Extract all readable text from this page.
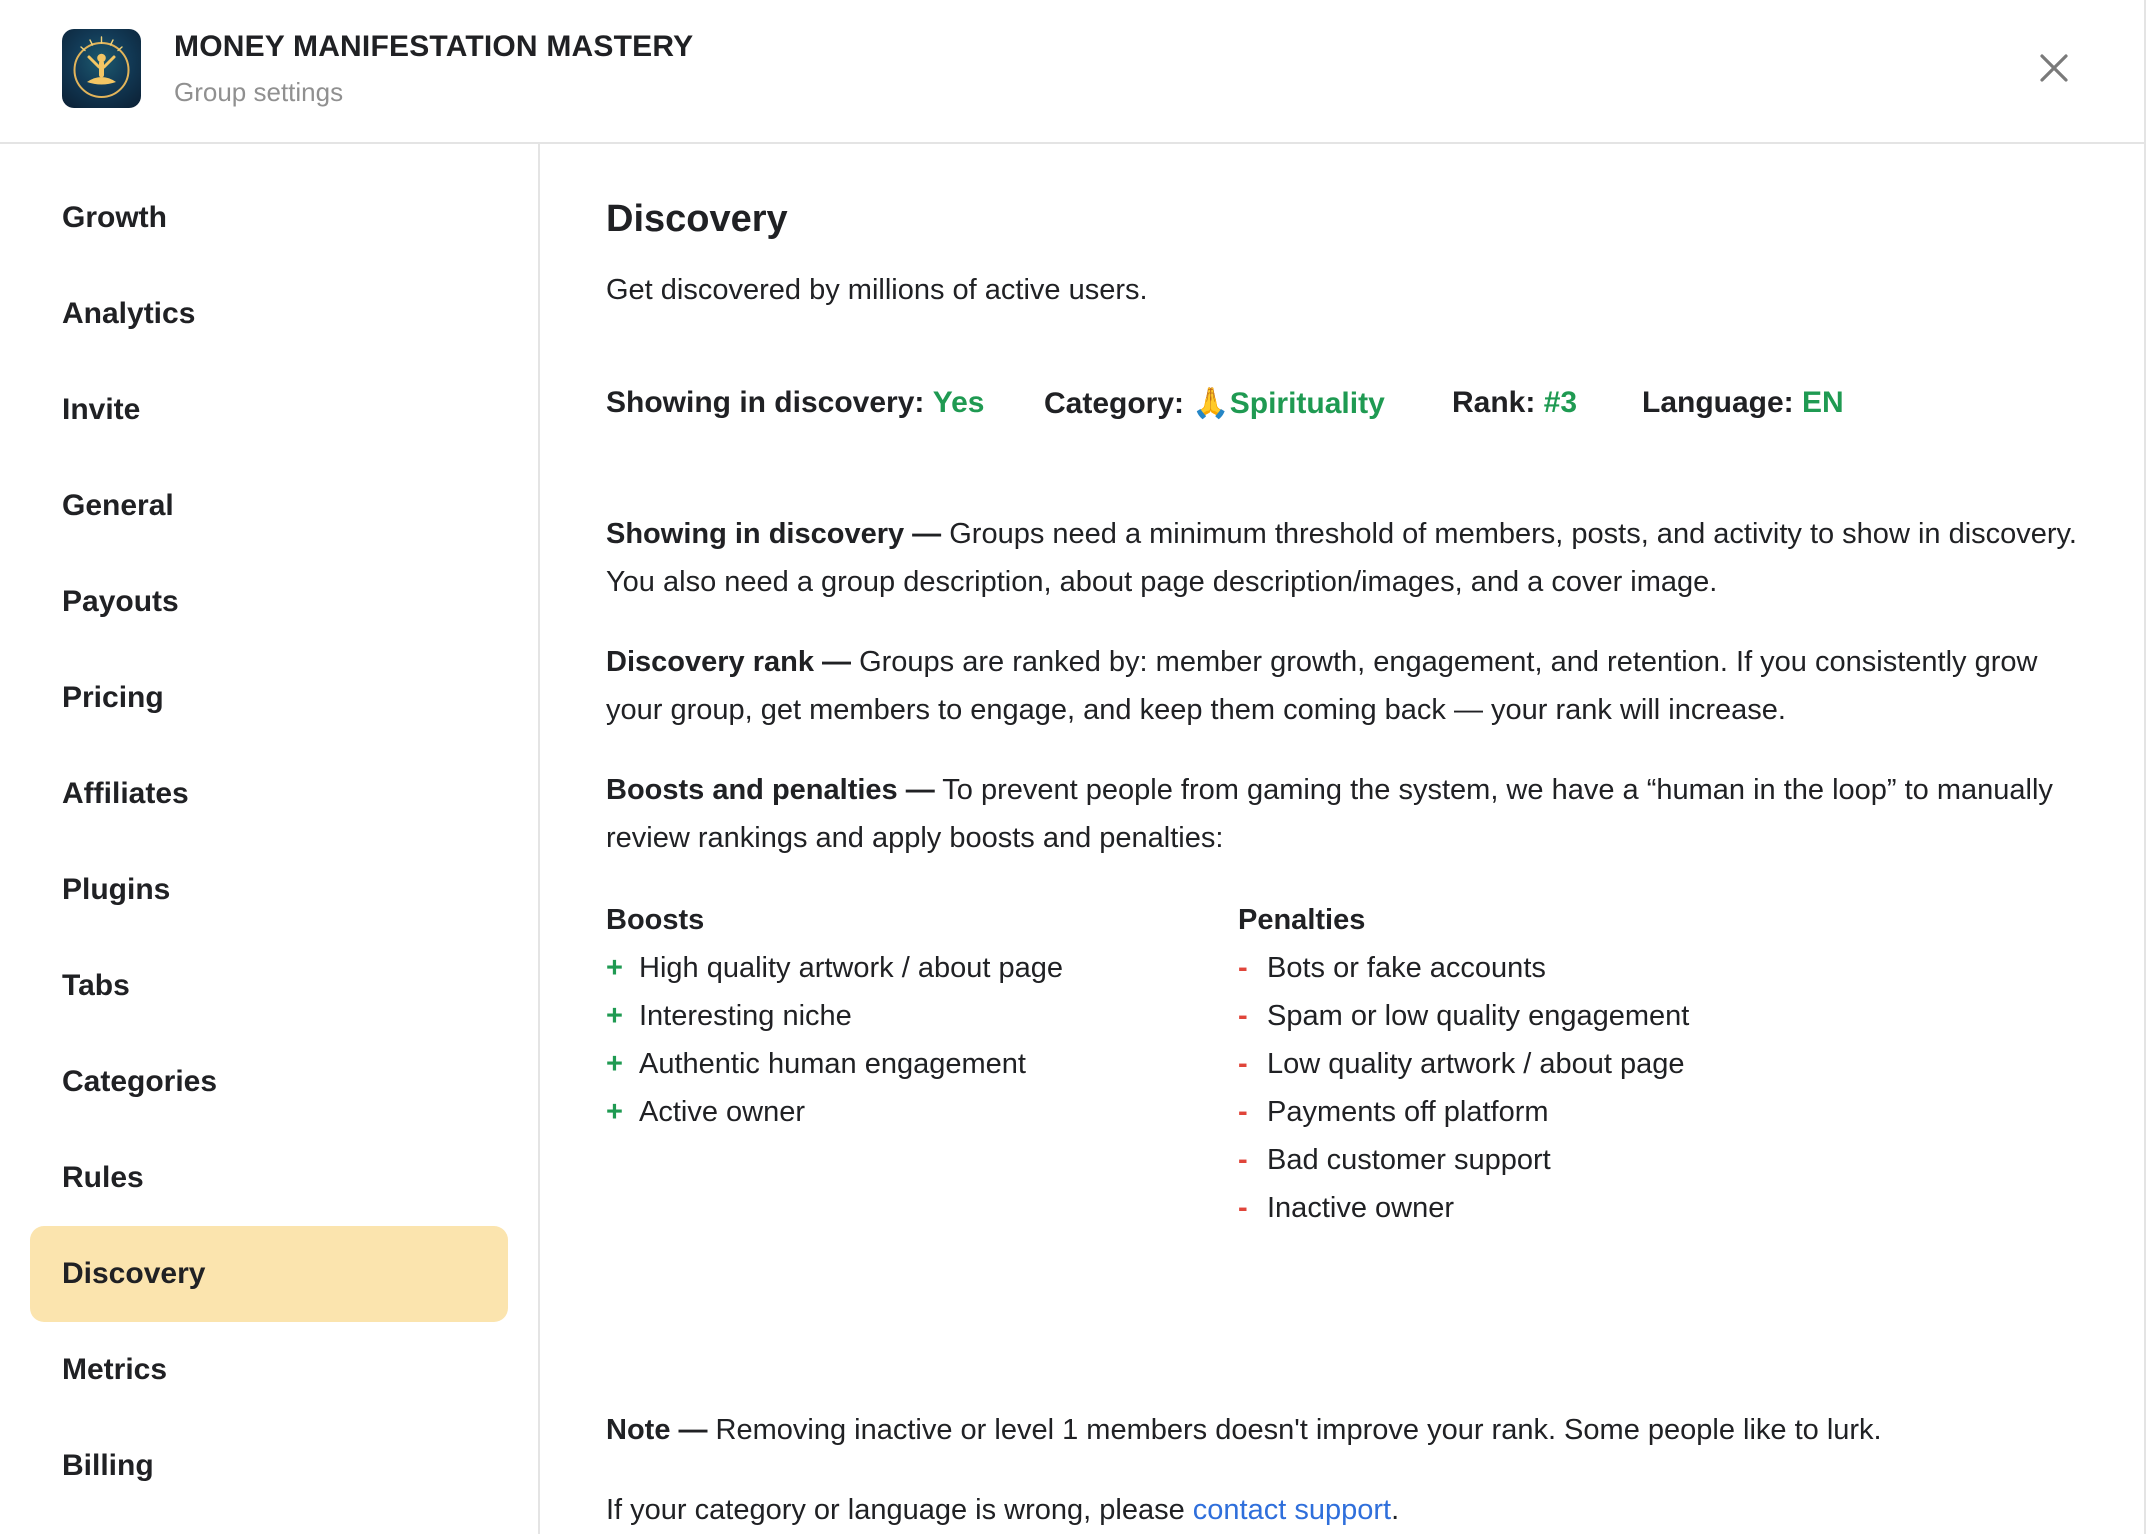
MONEY MANIFESTATION MASTERY
Group settings
Growth
Analytics
Invite
General
Payouts
Pricing
Affiliates
Plugins
Tabs
Categories
Rules
Discovery
Metrics
Billing
Discovery
Get discovered by millions of active users.
Showing in discovery: Yes Category: 🙏Spirituality Rank: #3 Language: EN
Showing in discovery — Groups need a minimum threshold of members, posts, and activity to show in discovery. You also need a group description, about page description/images, and a cover image.
Discovery rank — Groups are ranked by: member growth, engagement, and retention. If you consistently grow your group, get members to engage, and keep them coming back — your rank will increase.
Boosts and penalties — To prevent people from gaming the system, we have a “human in the loop” to manually review rankings and apply boosts and penalties:
Boosts
+ High quality artwork / about page
+ Interesting niche
+ Authentic human engagement
+ Active owner
Penalties
- Bots or fake accounts
- Spam or low quality engagement
- Low quality artwork / about page
- Payments off platform
- Bad customer support
- Inactive owner
Note — Removing inactive or level 1 members doesn't improve your rank. Some people like to lurk.
If your category or language is wrong, please contact support.
